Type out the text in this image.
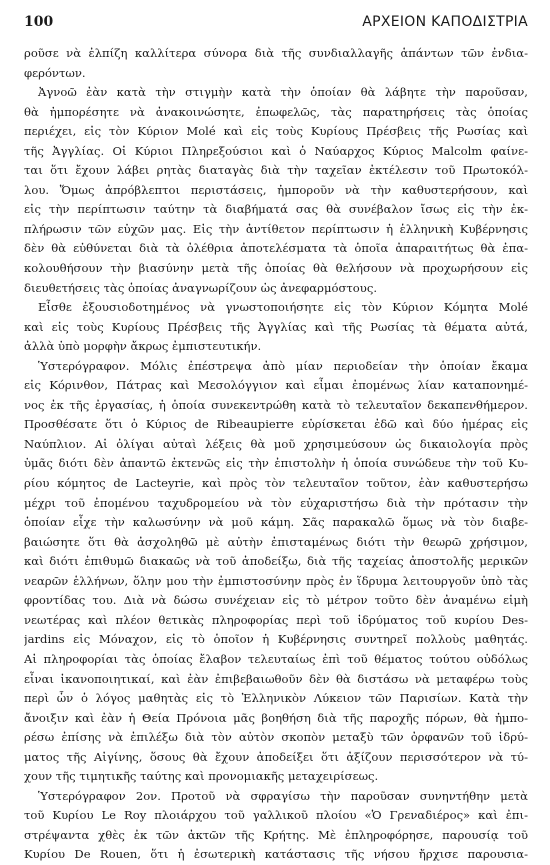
100	ΑΡΧΕΙΟΝ ΚΑΠΟΔΙΣΤΡΙΑ
ροῦσε νὰ ἐλπίζη καλλίτερα σύνορα διὰ τῆς συνδιαλλαγῆς ἁπάντων τῶν ἐνδια-
φερόντων.
Ἀγνοῶ ἐὰν κατὰ τὴν στιγμὴν κατὰ τὴν ὁποίαν θὰ λάβητε τὴν παροῦσαν,
θὰ ἠμπορέσητε νὰ ἀνακοινώσητε, ἐπωφελῶς, τὰς παρατηρήσεις τὰς ὁποίας
περιέχει, εἰς τὸν Κύριον Molé καὶ εἰς τοὺς Κυρίους Πρέσβεις τῆς Ρωσίας καὶ
τῆς Ἀγγλίας. Οἱ Κύριοι Πληρεξούσιοι καὶ ὁ Ναύαρχος Κύριος Malcolm φαίνε-
ται ὅτι ἔχουν λάβει ρητὰς διαταγὰς διὰ τὴν ταχεῖαν ἐκτέλεσιν τοῦ Πρωτοκόλ-
λου. Ὅμως ἀπρόβλεπτοι περιστάσεις, ἠμποροῦν νὰ τὴν καθυστερήσουν, καὶ
εἰς τὴν περίπτωσιν ταύτην τὰ διαβήματά σας θὰ συνέβαλον ἴσως εἰς τὴν ἐκ-
πλήρωσιν τῶν εὐχῶν μας. Εἰς τὴν ἀντίθετον περίπτωσιν ἡ ἑλληνικὴ Κυβέρνησις
δὲν θὰ εὐθύνεται διὰ τὰ ὀλέθρια ἀποτελέσματα τὰ ὁποῖα ἀπαραιτήτως θὰ ἐπα-
κολουθήσουν τὴν βιασύνην μετὰ τῆς ὁποίας θὰ θελήσουν νὰ προχωρήσουν εἰς
διευθετήσεις τὰς ὁποίας ἀναγνωρίζουν ὡς ἀνεφαρμόστους.
Εἶσθε ἐξουσιοδοτημένος νὰ γνωστοποιήσητε εἰς τὸν Κύριον Κόμητα Molé
καὶ εἰς τοὺς Κυρίους Πρέσβεις τῆς Ἀγγλίας καὶ τῆς Ρωσίας τὰ θέματα αὐτά,
ἀλλὰ ὑπὸ μορφὴν ἄκρως ἐμπιστευτικήν.
Ὑστερόγραφον. Μόλις ἐπέστρεψα ἀπὸ μίαν περιοδείαν τὴν ὁποίαν ἔκαμα
εἰς Κόρινθον, Πάτρας καὶ Μεσολόγγιον καὶ εἶμαι ἐπομένως λίαν καταπονημέ-
νος ἐκ τῆς ἐργασίας, ἡ ὁποία συνεκεντρώθη κατὰ τὸ τελευταῖον δεκαπενθήμερον.
Προσθέσατε ὅτι ὁ Κύριος de Ribeaupierre εὑρίσκεται ἐδῶ καὶ δύο ἡμέρας εἰς
Ναύπλιον. Αἱ ὀλίγαι αὐταὶ λέξεις θὰ μοῦ χρησιμεύσουν ὡς δικαιολογία πρὸς
ὑμᾶς διότι δὲν ἀπαντῶ ἐκτενῶς εἰς τὴν ἐπιστολὴν ἡ ὁποία συνώδευε τὴν τοῦ Κυ-
ρίου κόμητος de Lacteyrie, καὶ πρὸς τὸν τελευταῖον τοῦτον, ἐὰν καθυστερήσω
μέχρι τοῦ ἐπομένου ταχυδρομείου νὰ τὸν εὐχαριστήσω διὰ τὴν πρότασιν τὴν
ὁποίαν εἶχε τὴν καλωσύνην νὰ μοῦ κάμη. Σᾶς παρακαλῶ ὅμως νὰ τὸν διαβε-
βαιώσητε ὅτι θὰ ἀσχοληθῶ μὲ αὐτὴν ἐπισταμένως διότι τὴν θεωρῶ χρήσιμον,
καὶ διότι ἐπιθυμῶ διακαῶς νὰ τοῦ ἀποδείξω, διὰ τῆς ταχείας ἀποστολῆς μερικῶν
νεαρῶν ἑλλήνων, ὅλην μου τὴν ἐμπιστοσύνην πρὸς ἐν ἵδρυμα λειτουργοῦν ὑπὸ τὰς
φροντίδας του. Διὰ νὰ δώσω συνέχειαν εἰς τὸ μέτρον τοῦτο δὲν ἀναμένω εἰμὴ
νεωτέρας καὶ πλέον θετικὰς πληροφορίας περὶ τοῦ ἱδρύματος τοῦ κυρίου Des-
jardins εἰς Μόναχον, εἰς τὸ ὁποῖον ἡ Κυβέρνησις συντηρεῖ πολλοὺς μαθητάς.
Αἱ πληροφορίαι τὰς ὁποίας ἔλαβον τελευταίως ἐπὶ τοῦ θέματος τούτου οὐδόλως
εἶναι ἱκανοποιητικαί, καὶ ἐὰν ἐπιβεβαιωθοῦν δὲν θὰ διστάσω νὰ μεταφέρω τοὺς
περὶ ὧν ὁ λόγος μαθητὰς εἰς τὸ Ἑλληνικὸν Λύκειον τῶν Παρισίων. Κατὰ τὴν
ἄνοιξιν καὶ ἐὰν ἡ Θεία Πρόνοια μᾶς βοηθήση διὰ τῆς παροχῆς πόρων, θὰ ἠμπο-
ρέσω ἐπίσης νὰ ἐπιλέξω διὰ τὸν αὐτὸν σκοπὸν μεταξὺ τῶν ὀρφανῶν τοῦ ἱδρύ-
ματος τῆς Αἰγίνης, ὅσους θὰ ἔχουν ἀποδείξει ὅτι ἀξίζουν περισσότερον νὰ τύ-
χουν τῆς τιμητικῆς ταύτης καὶ προνομιακῆς μεταχειρίσεως.
Ὑστερόγραφον 2ον. Προτοῦ νὰ σφραγίσω τὴν παροῦσαν συνηντήθην μετὰ
τοῦ Κυρίου Le Roy πλοιάρχου τοῦ γαλλικοῦ πλοίου «Ὁ Γρεναδιέρος» καὶ ἐπι-
στρέψαντα χθὲς ἐκ τῶν ἀκτῶν τῆς Κρήτης. Μὲ ἐπληροφόρησε, παρουσίᾳ τοῦ
Κυρίου De Rouen, ὅτι ἡ ἐσωτερικὴ κατάστασις τῆς νήσου ἤρχισε παρουσια-
